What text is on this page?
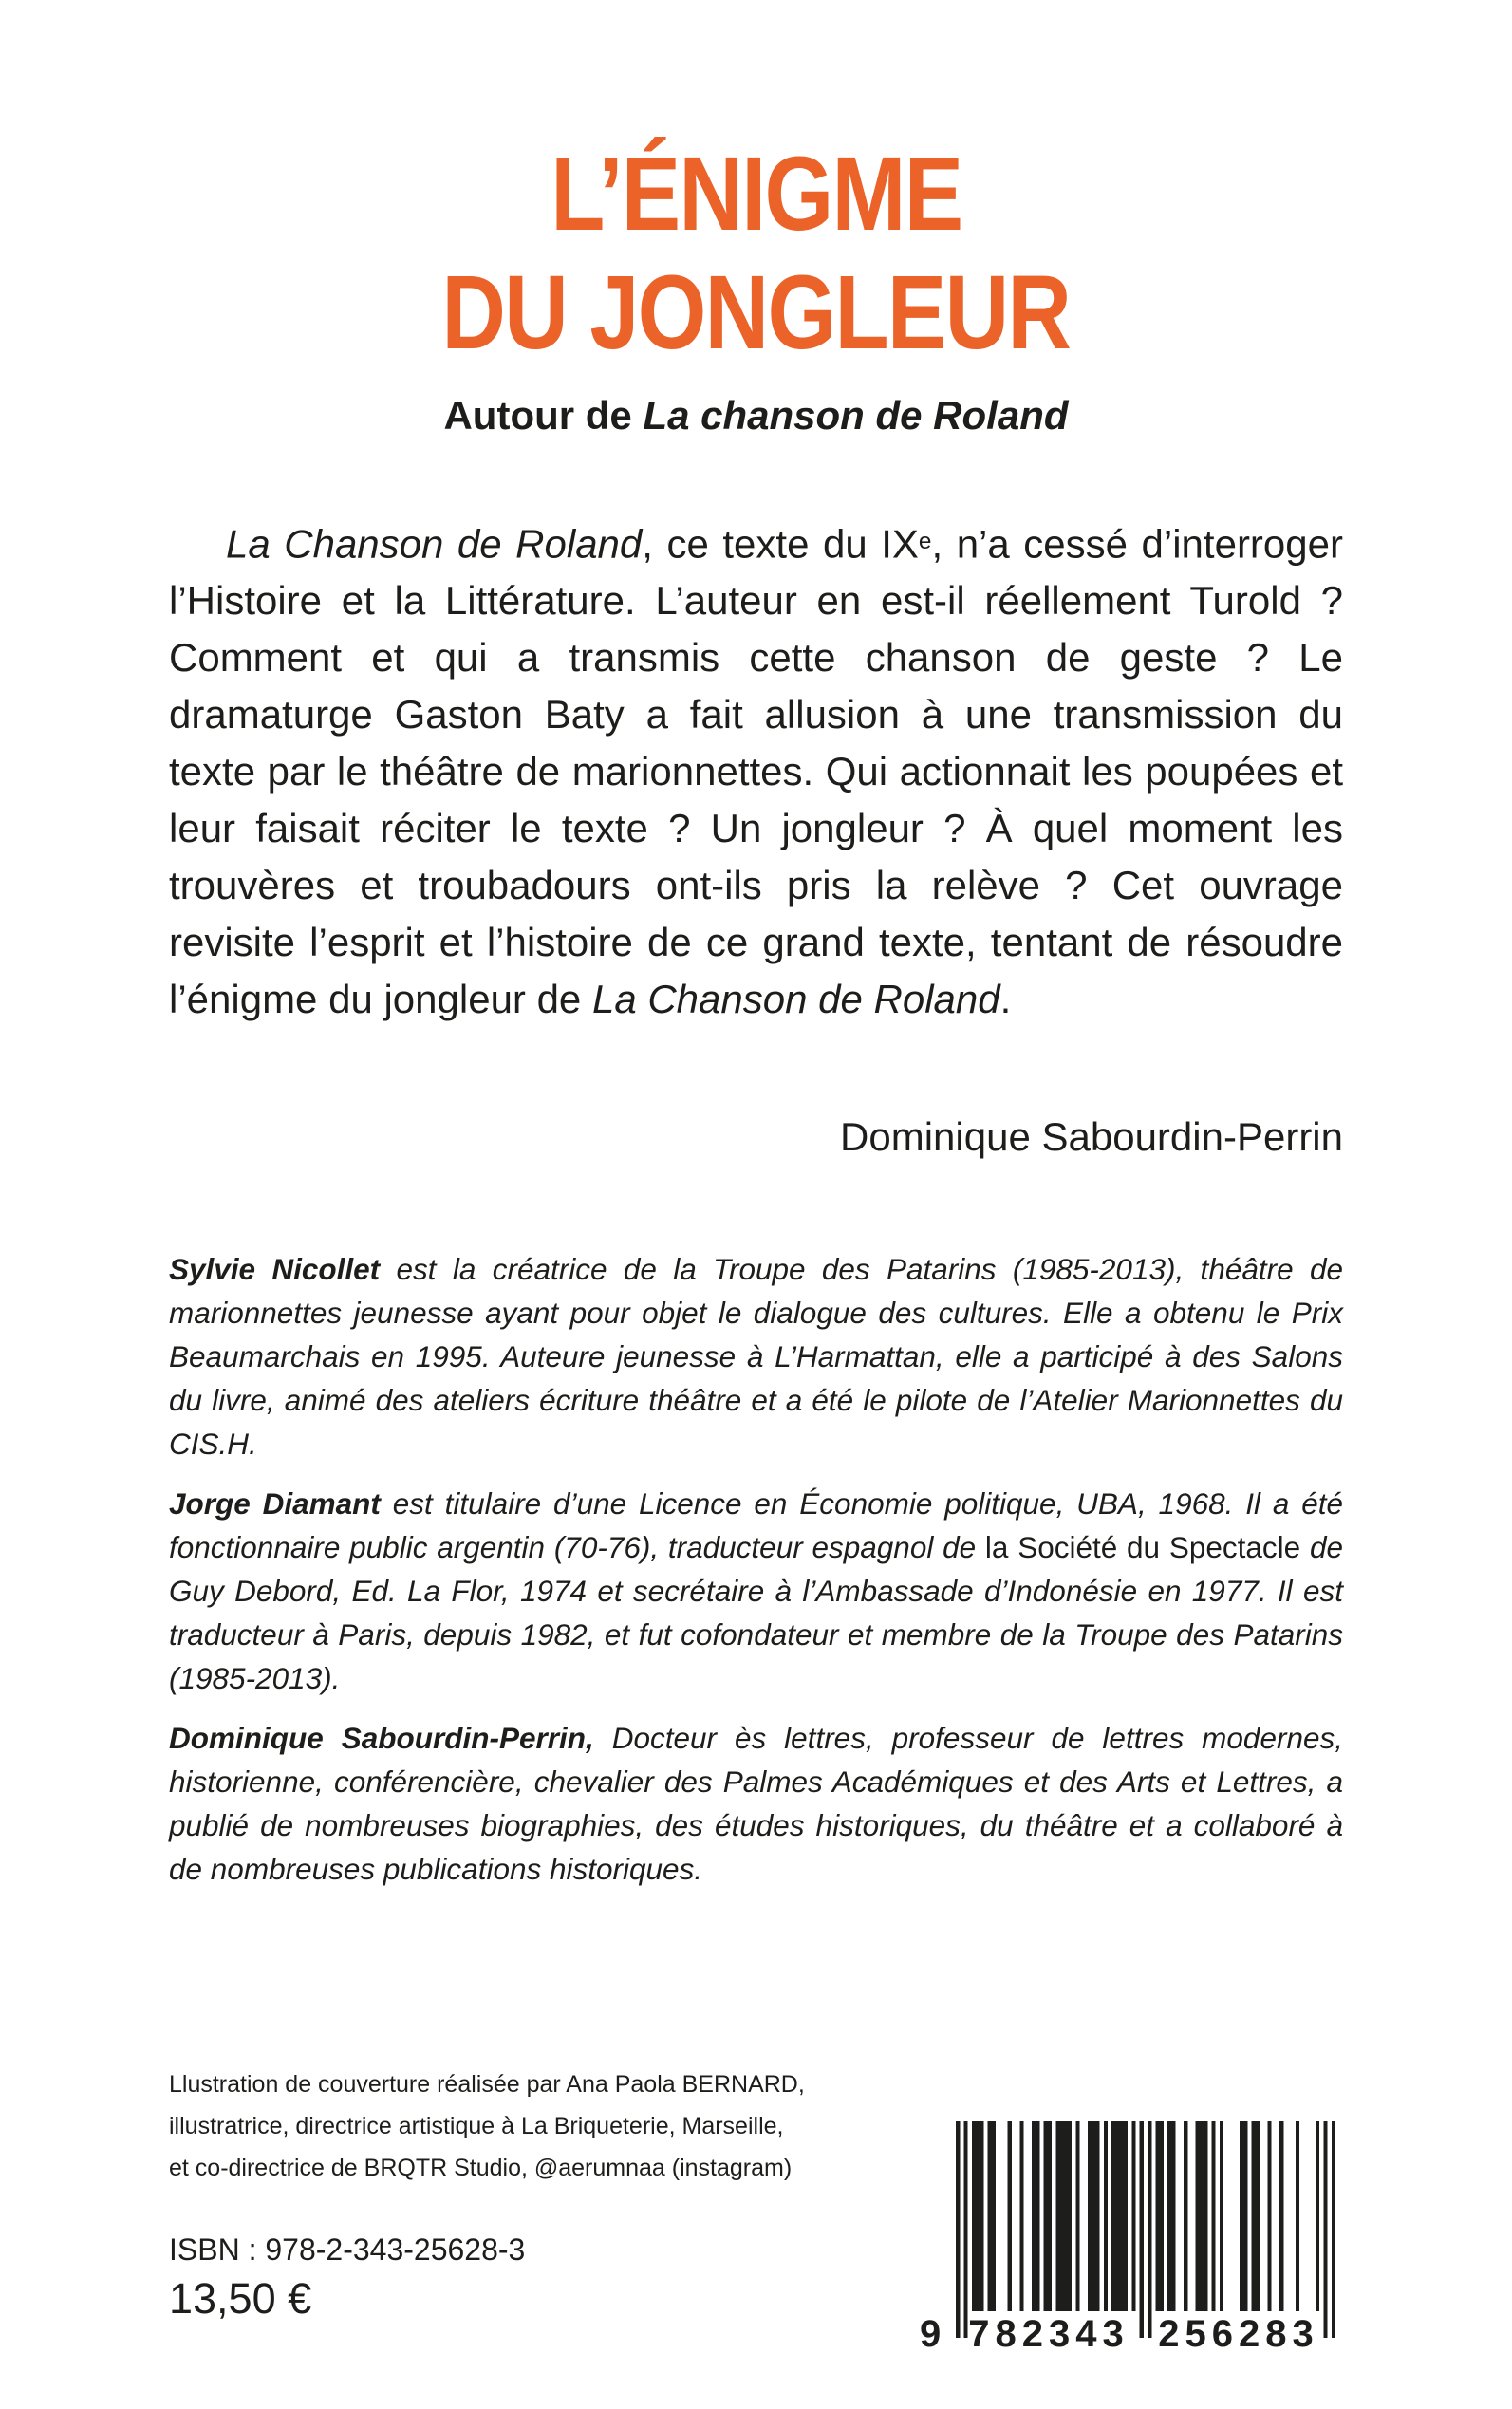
L’ÉNIGME
DU JONGLEUR
Autour de La chanson de Roland

La Chanson de Roland, ce texte du IXe, n’a cessé d’interroger l’Histoire et la Littérature. L’auteur en est-il réellement Turold ? Comment et qui a transmis cette chanson de geste ? Le dramaturge Gaston Baty a fait allusion à une transmission du texte par le théâtre de marionnettes. Qui actionnait les poupées et leur faisait réciter le texte ? Un jongleur ? À quel moment les trouvères et troubadours ont-ils pris la relève ? Cet ouvrage revisite l’esprit et l’histoire de ce grand texte, tentant de résoudre l’énigme du jongleur de La Chanson de Roland.

Dominique Sabourdin-Perrin

Sylvie Nicollet est la créatrice de la Troupe des Patarins (1985-2013), théâtre de marionnettes jeunesse ayant pour objet le dialogue des cultures. Elle a obtenu le Prix Beaumarchais en 1995. Auteure jeunesse à L’Harmattan, elle a participé à des Salons du livre, animé des ateliers écriture théâtre et a été le pilote de l’Atelier Marionnettes du CIS.H.

Jorge Diamant est titulaire d’une Licence en Économie politique, UBA, 1968. Il a été fonctionnaire public argentin (70-76), traducteur espagnol de la Société du Spectacle de Guy Debord, Ed. La Flor, 1974 et secrétaire à l’Ambassade d’Indonésie en 1977. Il est traducteur à Paris, depuis 1982, et fut cofondateur et membre de la Troupe des Patarins (1985-2013).

Dominique Sabourdin-Perrin, Docteur ès lettres, professeur de lettres modernes, historienne, conférencière, chevalier des Palmes Académiques et des Arts et Lettres, a publié de nombreuses biographies, des études historiques, du théâtre et a collaboré à de nombreuses publications historiques.

Llustration de couverture réalisée par Ana Paola BERNARD,
illustratrice, directrice artistique à La Briqueterie, Marseille,
et co-directrice de BRQTR Studio, @aerumnaa (instagram)
ISBN : 978-2-343-25628-3
13,50 €
9 782343 256283
